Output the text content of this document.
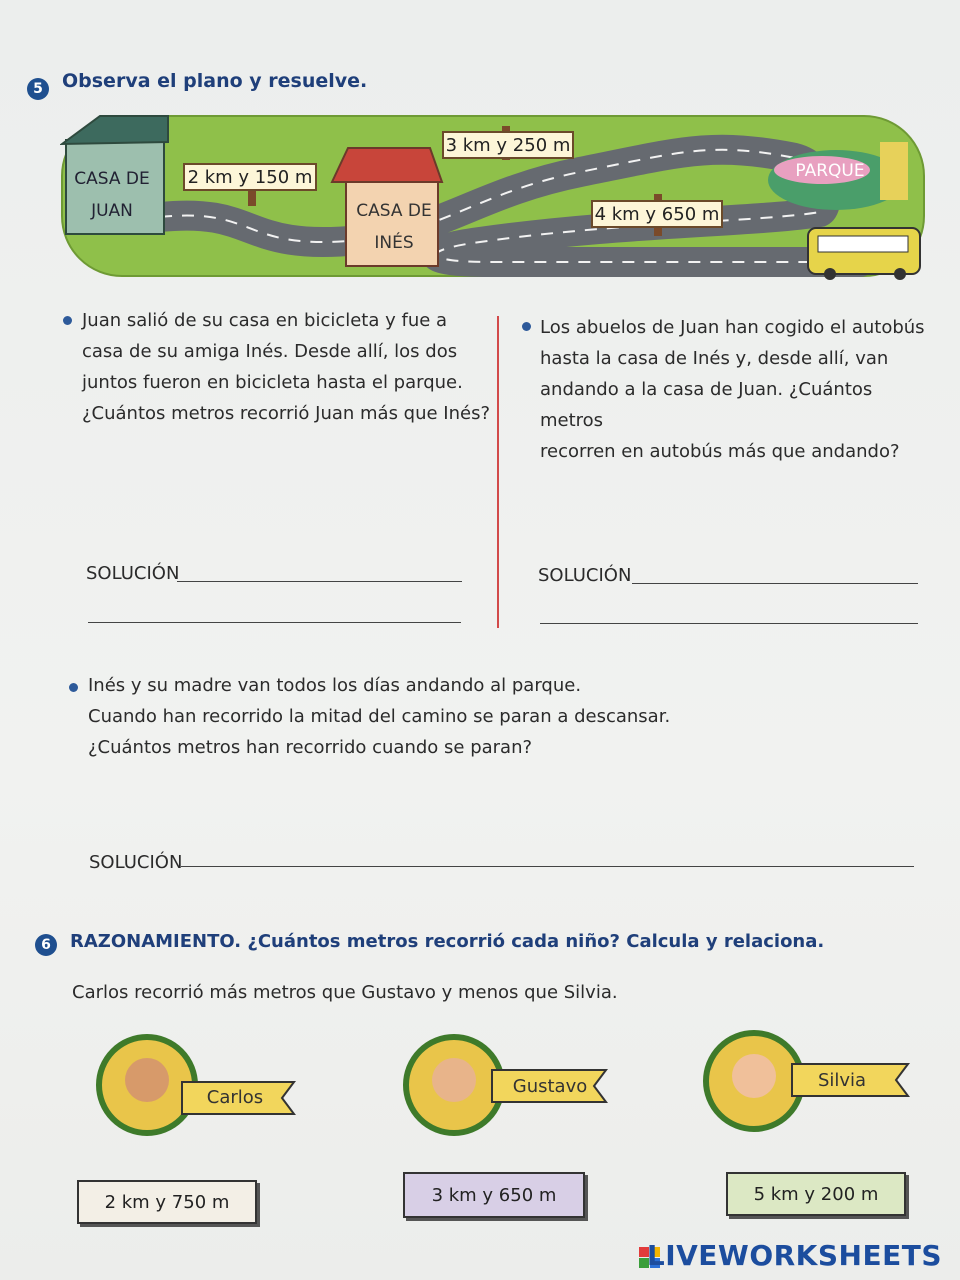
5	Observa el plano y resuelve.
CASA DE
JUAN	CASA DE
INÉS
PARQUE
2 km y 150 m
3 km y 250 m
4 km y 650 m
Juan salió de su casa en bicicleta y fue a
casa de su amiga Inés. Desde allí, los dos
juntos fueron en bicicleta hasta el parque.
¿Cuántos metros recorrió Juan más que Inés?
Los abuelos de Juan han cogido el autobús
hasta la casa de Inés y, desde allí, van
andando a la casa de Juan. ¿Cuántos metros
recorren en autobús más que andando?
SOLUCIÓN	SOLUCIÓN
Inés y su madre van todos los días andando al parque.
Cuando han recorrido la mitad del camino se paran a descansar.
¿Cuántos metros han recorrido cuando se paran?
SOLUCIÓN
6	RAZONAMIENTO. ¿Cuántos metros recorrió cada niño? Calcula y relaciona.
Carlos recorrió más metros que Gustavo y menos que Silvia.
Carlos
Gustavo	Silvia
2 km y 750 m	3 km y 650 m	5 km y 200 m
LIVEWORKSHEETS
